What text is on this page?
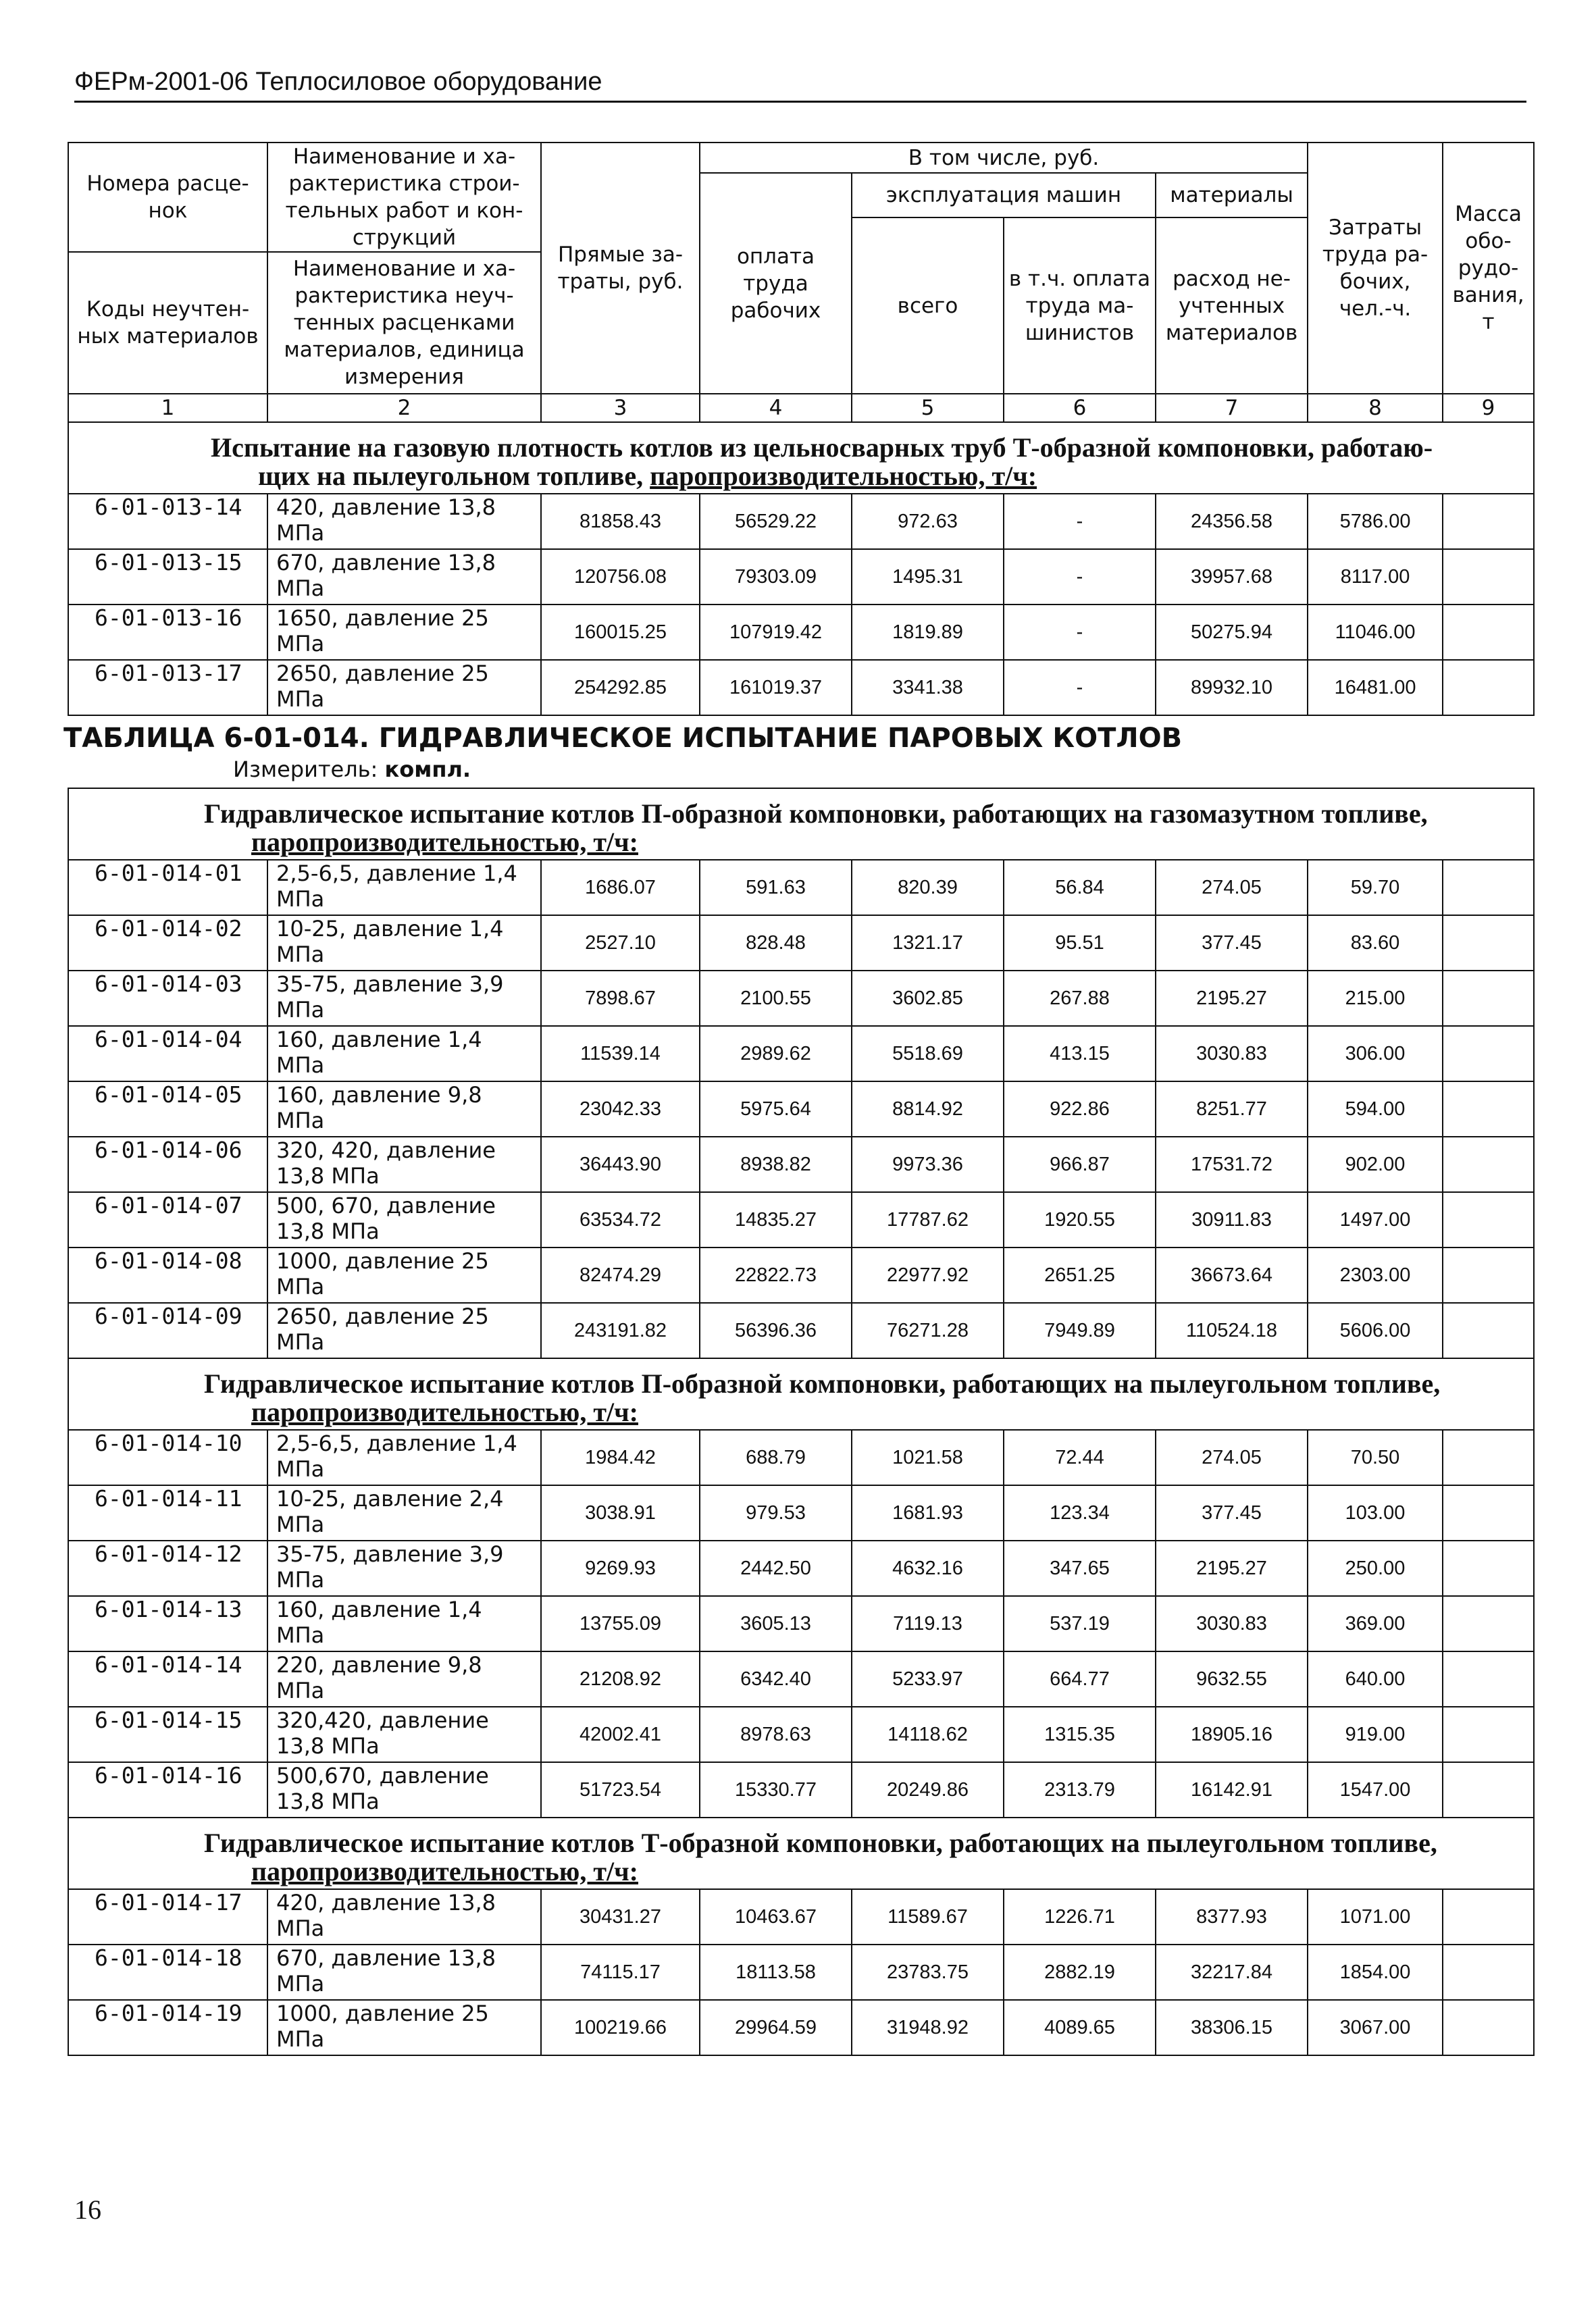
ФЕРм-2001-06 Теплосиловое оборудование
Номера расце-нок	Наименование и ха-рактеристика строи-тельных работ и кон-струкций	Прямые за-траты, руб.	В том числе, руб.				Затраты труда ра-бочих, чел.-ч.	Масса обо-рудо-вания, т
			оплата труда рабочих	эксплуатация машин		материалы		
				всего	в т.ч. оплата труда ма-шинистов	расход не-учтенных материалов		
Коды неучтен-ных материалов	Наименование и ха-рактеристика неуч-тенных расценками материалов, единица измерения							

1	2	3	4	5	6	7	8	9
Испытание на газовую плотность котлов из цельносварных труб Т-образной компоновки, работаю-
щих на пылеугольном топливе, паропроизводительностью, т/ч:								
6-01-013-14	420, давление 13,8 МПа	81858.43	56529.22	972.63	-	24356.58	5786.00	
6-01-013-15	670, давление 13,8 МПа	120756.08	79303.09	1495.31	-	39957.68	8117.00	
6-01-013-16	1650, давление 25 МПа	160015.25	107919.42	1819.89	-	50275.94	11046.00	
6-01-013-17	2650, давление 25 МПа	254292.85	161019.37	3341.38	-	89932.10	16481.00	
ТАБЛИЦА 6-01-014. ГИДРАВЛИЧЕСКОЕ ИСПЫТАНИЕ ПАРОВЫХ КОТЛОВ
Измеритель: компл.
Гидравлическое испытание котлов П-образной компоновки, работающих на газомазутном топливе,
паропроизводительностью, т/ч:								
6-01-014-01	2,5-6,5, давление 1,4 МПа	1686.07	591.63	820.39	56.84	274.05	59.70	
6-01-014-02	10-25, давление 1,4 МПа	2527.10	828.48	1321.17	95.51	377.45	83.60	
6-01-014-03	35-75, давление 3,9 МПа	7898.67	2100.55	3602.85	267.88	2195.27	215.00	
6-01-014-04	160, давление 1,4 МПа	11539.14	2989.62	5518.69	413.15	3030.83	306.00	
6-01-014-05	160, давление 9,8 МПа	23042.33	5975.64	8814.92	922.86	8251.77	594.00	
6-01-014-06	320, 420, давление 13,8 МПа	36443.90	8938.82	9973.36	966.87	17531.72	902.00	
6-01-014-07	500, 670, давление 13,8 МПа	63534.72	14835.27	17787.62	1920.55	30911.83	1497.00	
6-01-014-08	1000, давление 25 МПа	82474.29	22822.73	22977.92	2651.25	36673.64	2303.00	
6-01-014-09	2650, давление 25 МПа	243191.82	56396.36	76271.28	7949.89	110524.18	5606.00	
Гидравлическое испытание котлов П-образной компоновки, работающих на пылеугольном топливе,
паропроизводительностью, т/ч:								
6-01-014-10	2,5-6,5, давление 1,4 МПа	1984.42	688.79	1021.58	72.44	274.05	70.50	
6-01-014-11	10-25, давление 2,4 МПа	3038.91	979.53	1681.93	123.34	377.45	103.00	
6-01-014-12	35-75, давление 3,9 МПа	9269.93	2442.50	4632.16	347.65	2195.27	250.00	
6-01-014-13	160, давление 1,4 МПа	13755.09	3605.13	7119.13	537.19	3030.83	369.00	
6-01-014-14	220, давление 9,8 МПа	21208.92	6342.40	5233.97	664.77	9632.55	640.00	
6-01-014-15	320,420, давление 13,8 МПа	42002.41	8978.63	14118.62	1315.35	18905.16	919.00	
6-01-014-16	500,670, давление 13,8 МПа	51723.54	15330.77	20249.86	2313.79	16142.91	1547.00	
Гидравлическое испытание котлов Т-образной компоновки, работающих на пылеугольном топливе,
паропроизводительностью, т/ч:								
6-01-014-17	420, давление 13,8 МПа	30431.27	10463.67	11589.67	1226.71	8377.93	1071.00	
6-01-014-18	670, давление 13,8 МПа	74115.17	18113.58	23783.75	2882.19	32217.84	1854.00	
6-01-014-19	1000, давление 25 МПа	100219.66	29964.59	31948.92	4089.65	38306.15	3067.00	
16
